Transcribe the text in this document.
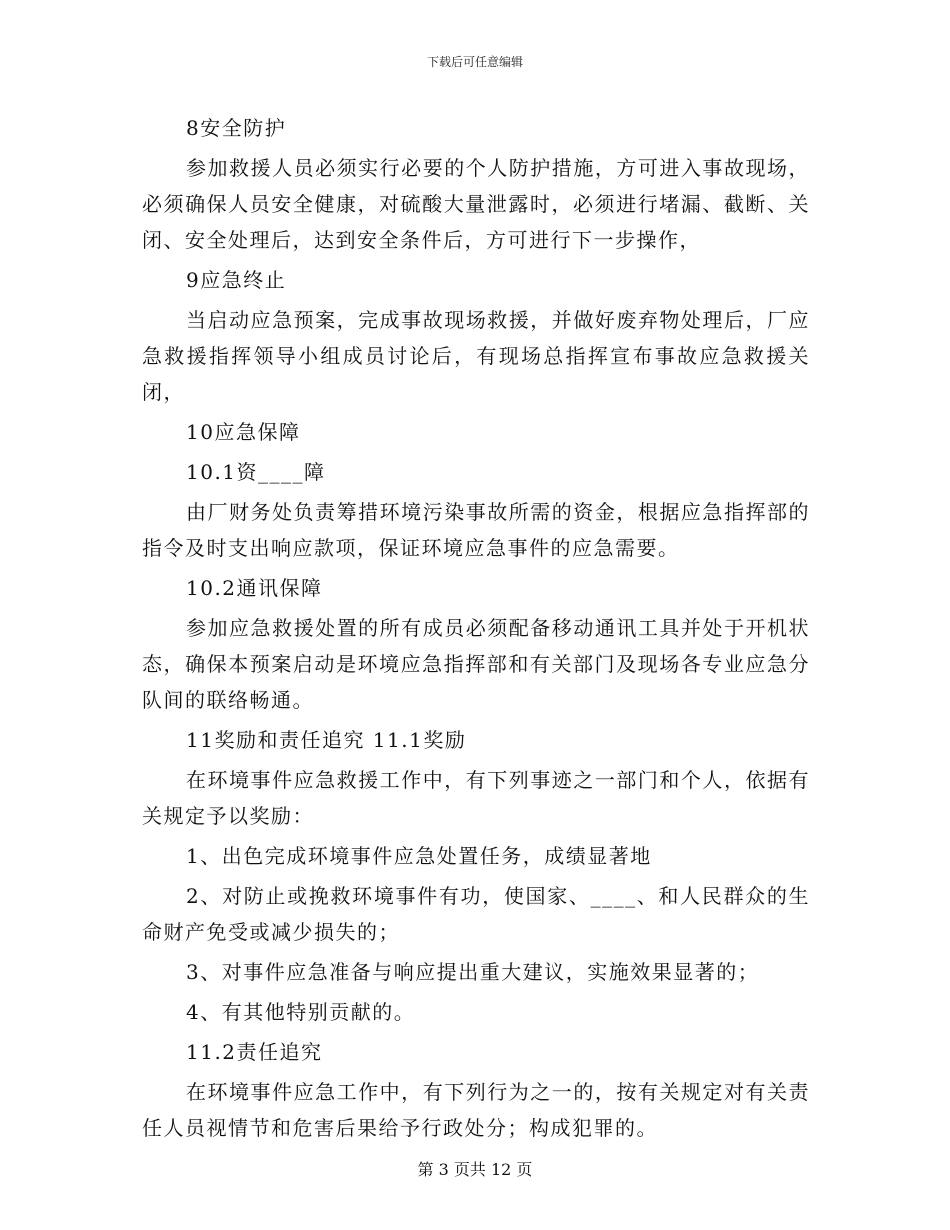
下载后可任意编辑

8安全防护

参加救援人员必须实行必要的个人防护措施，方可进入事故现场，必须确保人员安全健康，对硫酸大量泄露时，必须进行堵漏、截断、关闭、安全处理后，达到安全条件后，方可进行下一步操作，

9应急终止

当启动应急预案，完成事故现场救援，并做好废弃物处理后，厂应急救援指挥领导小组成员讨论后，有现场总指挥宣布事故应急救援关闭，

10应急保障

10.1资____障

由厂财务处负责筹措环境污染事故所需的资金，根据应急指挥部的指令及时支出响应款项，保证环境应急事件的应急需要。

10.2通讯保障

参加应急救援处置的所有成员必须配备移动通讯工具并处于开机状态，确保本预案启动是环境应急指挥部和有关部门及现场各专业应急分队间的联络畅通。

11奖励和责任追究 11.1奖励

在环境事件应急救援工作中，有下列事迹之一部门和个人，依据有关规定予以奖励：

1、出色完成环境事件应急处置任务，成绩显著地

2、对防止或挽救环境事件有功，使国家、____、和人民群众的生命财产免受或减少损失的；

3、对事件应急准备与响应提出重大建议，实施效果显著的；

4、有其他特别贡献的。

11.2责任追究

在环境事件应急工作中，有下列行为之一的，按有关规定对有关责任人员视情节和危害后果给予行政处分；构成犯罪的。

第 3 页共 12 页
